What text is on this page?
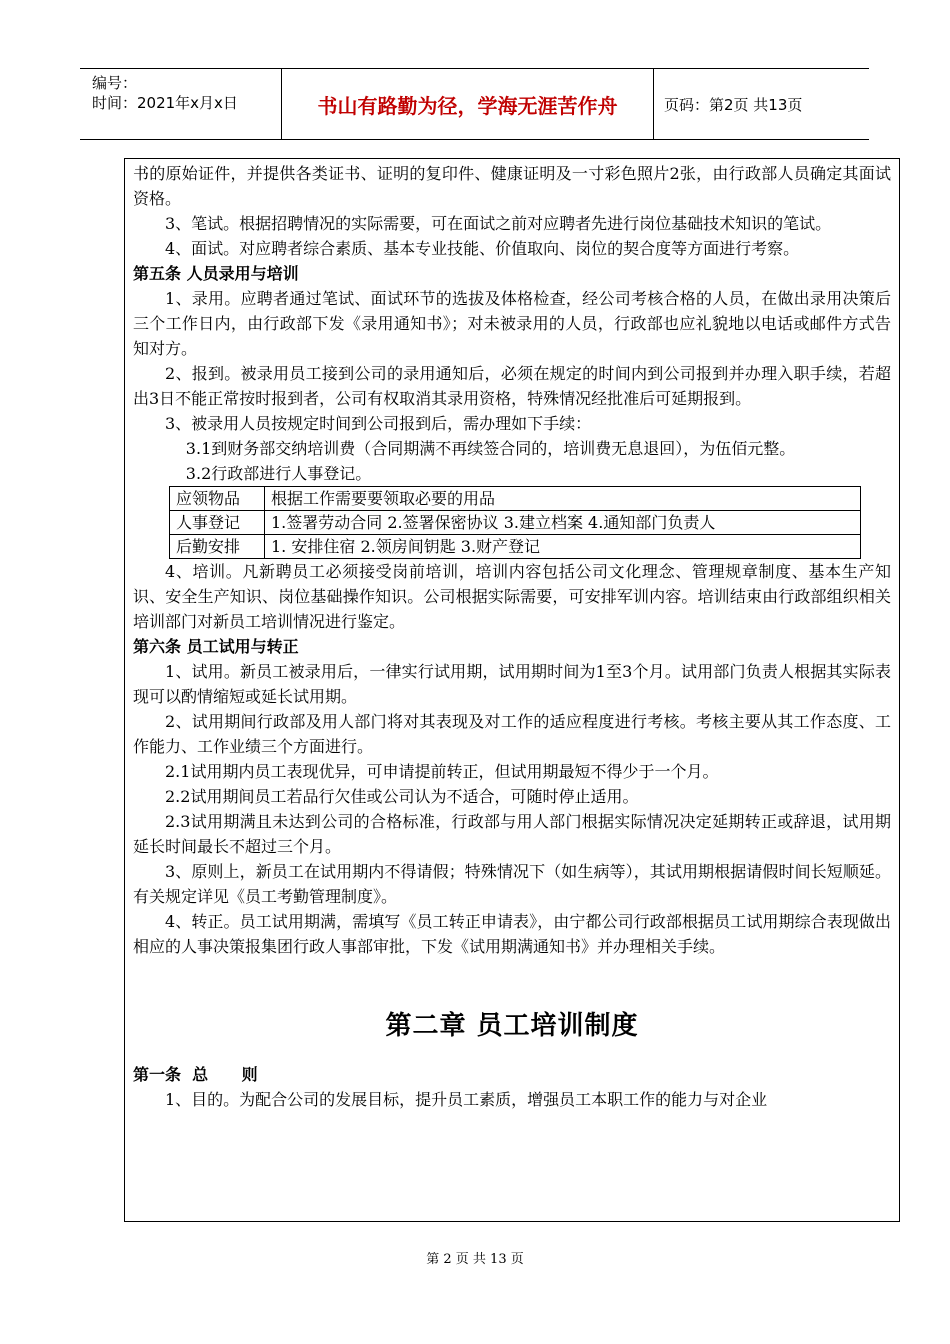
编号：
时间：2021年x月x日	书山有路勤为径，学海无涯苦作舟	页码：第2页 共13页

书的原始证件，并提供各类证书、证明的复印件、健康证明及一寸彩色照片2张，由行政部人员确定其面试资格。

3、笔试。根据招聘情况的实际需要，可在面试之前对应聘者先进行岗位基础技术知识的笔试。

4、面试。对应聘者综合素质、基本专业技能、价值取向、岗位的契合度等方面进行考察。

第五条 人员录用与培训

1、录用。应聘者通过笔试、面试环节的选拔及体格检查，经公司考核合格的人员，在做出录用决策后三个工作日内，由行政部下发《录用通知书》；对未被录用的人员，行政部也应礼貌地以电话或邮件方式告知对方。

2、报到。被录用员工接到公司的录用通知后，必须在规定的时间内到公司报到并办理入职手续，若超出3日不能正常按时报到者，公司有权取消其录用资格，特殊情况经批准后可延期报到。

3、被录用人员按规定时间到公司报到后，需办理如下手续：

3.1到财务部交纳培训费（合同期满不再续签合同的，培训费无息退回），为伍佰元整。

3.2行政部进行人事登记。

应领物品	根据工作需要要领取必要的用品
人事登记	1.签署劳动合同 2.签署保密协议 3.建立档案 4.通知部门负责人
后勤安排	1. 安排住宿 2.领房间钥匙 3.财产登记

4、培训。凡新聘员工必须接受岗前培训，培训内容包括公司文化理念、管理规章制度、基本生产知识、安全生产知识、岗位基础操作知识。公司根据实际需要，可安排军训内容。培训结束由行政部组织相关培训部门对新员工培训情况进行鉴定。

第六条 员工试用与转正

1、试用。新员工被录用后，一律实行试用期，试用期时间为1至3个月。试用部门负责人根据其实际表现可以酌情缩短或延长试用期。

2、试用期间行政部及用人部门将对其表现及对工作的适应程度进行考核。考核主要从其工作态度、工作能力、工作业绩三个方面进行。

2.1试用期内员工表现优异，可申请提前转正，但试用期最短不得少于一个月。

2.2试用期间员工若品行欠佳或公司认为不适合，可随时停止适用。

2.3试用期满且未达到公司的合格标准，行政部与用人部门根据实际情况决定延期转正或辞退，试用期延长时间最长不超过三个月。

3、原则上，新员工在试用期内不得请假；特殊情况下（如生病等），其试用期根据请假时间长短顺延。有关规定详见《员工考勤管理制度》。

4、转正。员工试用期满，需填写《员工转正申请表》，由宁都公司行政部根据员工试用期综合表现做出相应的人事决策报集团行政人事部审批，下发《试用期满通知书》并办理相关手续。

第二章 员工培训制度

第一条  总      则

1、目的。为配合公司的发展目标，提升员工素质，增强员工本职工作的能力与对企业

第 2 页 共 13 页
